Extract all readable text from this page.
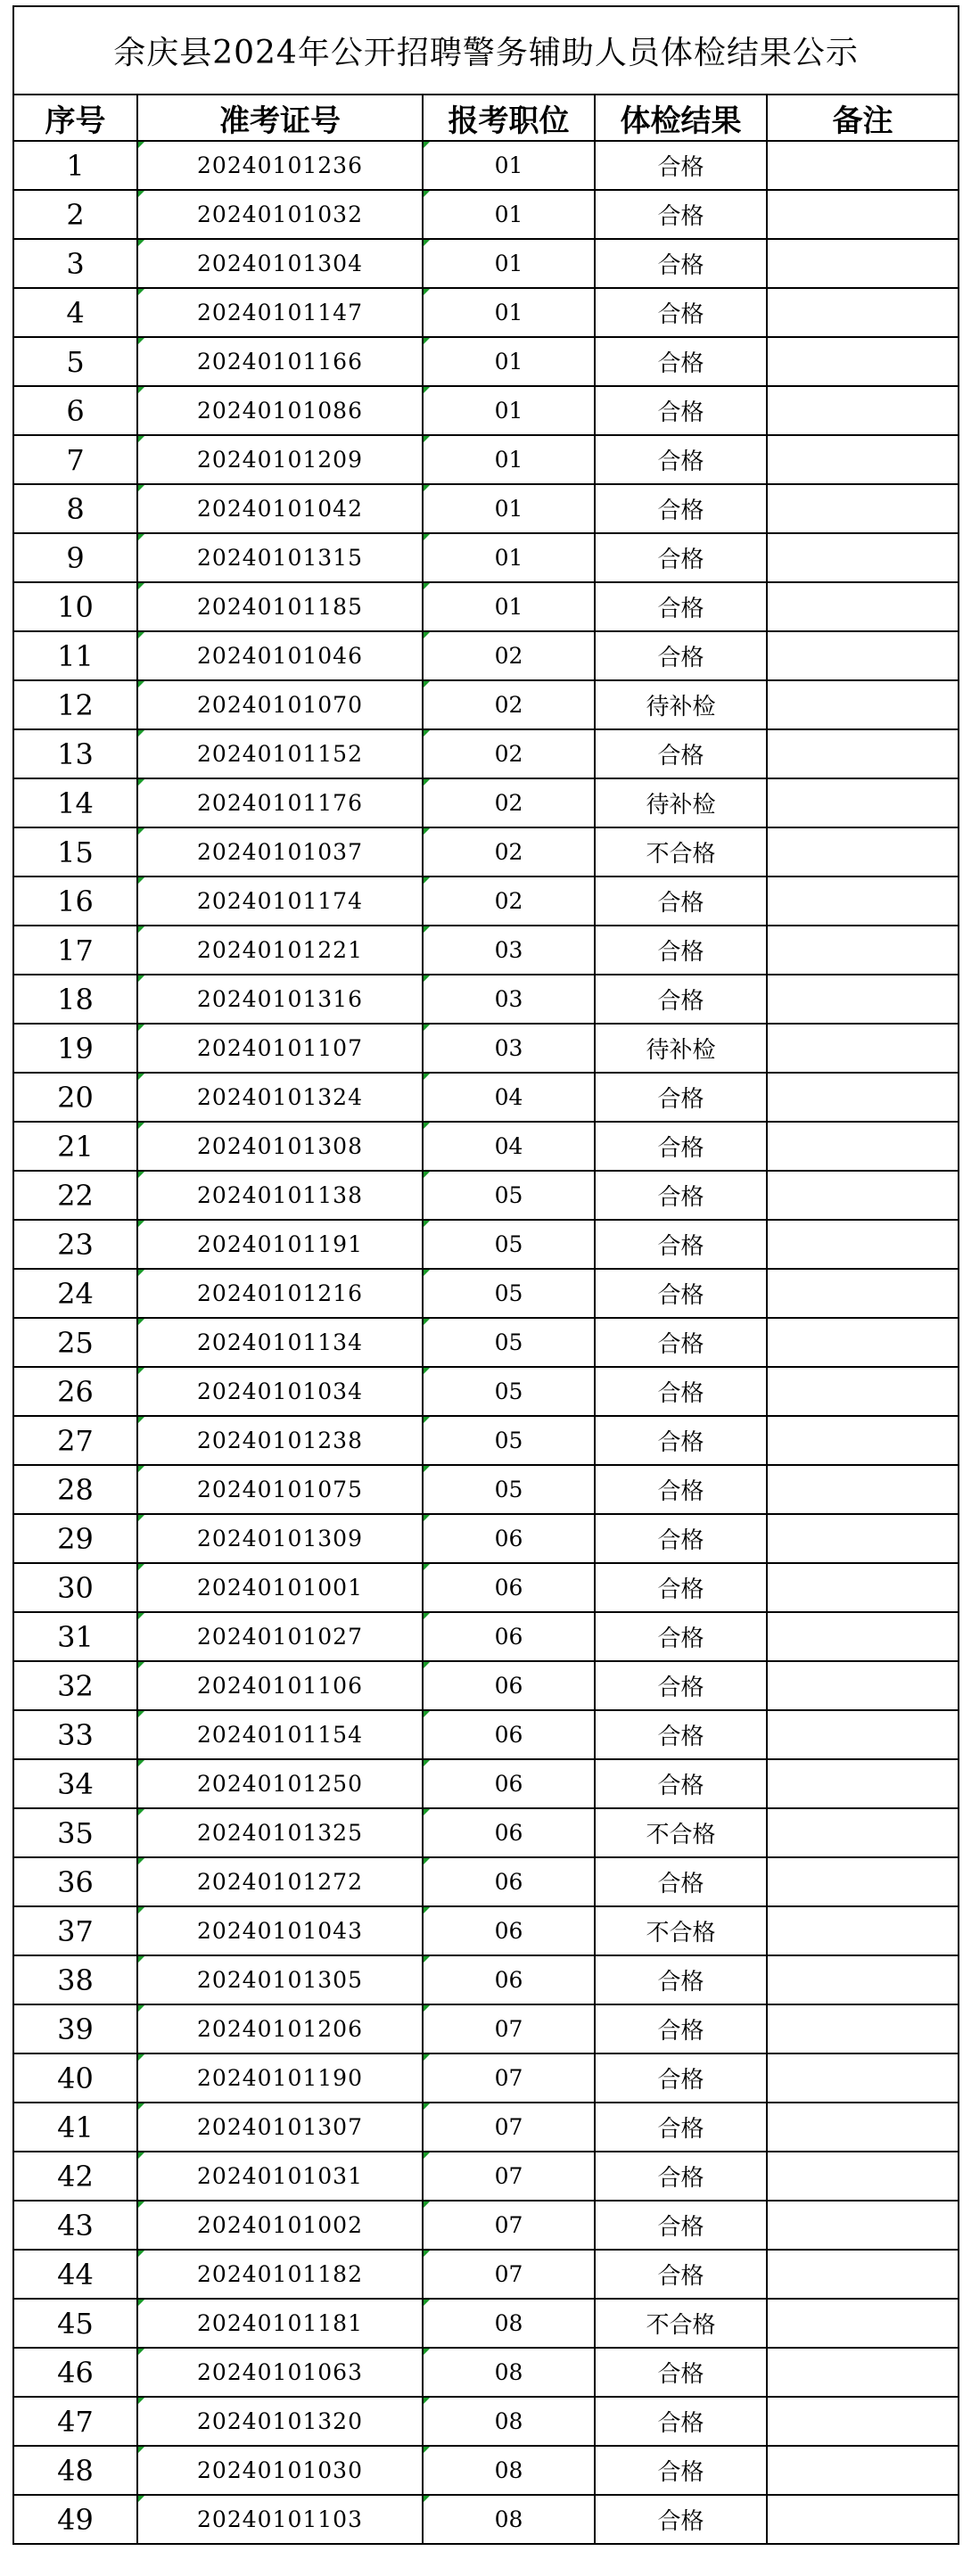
余庆县2024年公开招聘警务辅助人员体检结果公示				
序号	准考证号	报考职位	体检结果	备注
1	20240101236	01	合格	
2	20240101032	01	合格	
3	20240101304	01	合格	
4	20240101147	01	合格	
5	20240101166	01	合格	
6	20240101086	01	合格	
7	20240101209	01	合格	
8	20240101042	01	合格	
9	20240101315	01	合格	
10	20240101185	01	合格	
11	20240101046	02	合格	
12	20240101070	02	待补检	
13	20240101152	02	合格	
14	20240101176	02	待补检	
15	20240101037	02	不合格	
16	20240101174	02	合格	
17	20240101221	03	合格	
18	20240101316	03	合格	
19	20240101107	03	待补检	
20	20240101324	04	合格	
21	20240101308	04	合格	
22	20240101138	05	合格	
23	20240101191	05	合格	
24	20240101216	05	合格	
25	20240101134	05	合格	
26	20240101034	05	合格	
27	20240101238	05	合格	
28	20240101075	05	合格	
29	20240101309	06	合格	
30	20240101001	06	合格	
31	20240101027	06	合格	
32	20240101106	06	合格	
33	20240101154	06	合格	
34	20240101250	06	合格	
35	20240101325	06	不合格	
36	20240101272	06	合格	
37	20240101043	06	不合格	
38	20240101305	06	合格	
39	20240101206	07	合格	
40	20240101190	07	合格	
41	20240101307	07	合格	
42	20240101031	07	合格	
43	20240101002	07	合格	
44	20240101182	07	合格	
45	20240101181	08	不合格	
46	20240101063	08	合格	
47	20240101320	08	合格	
48	20240101030	08	合格	
49	20240101103	08	合格	
